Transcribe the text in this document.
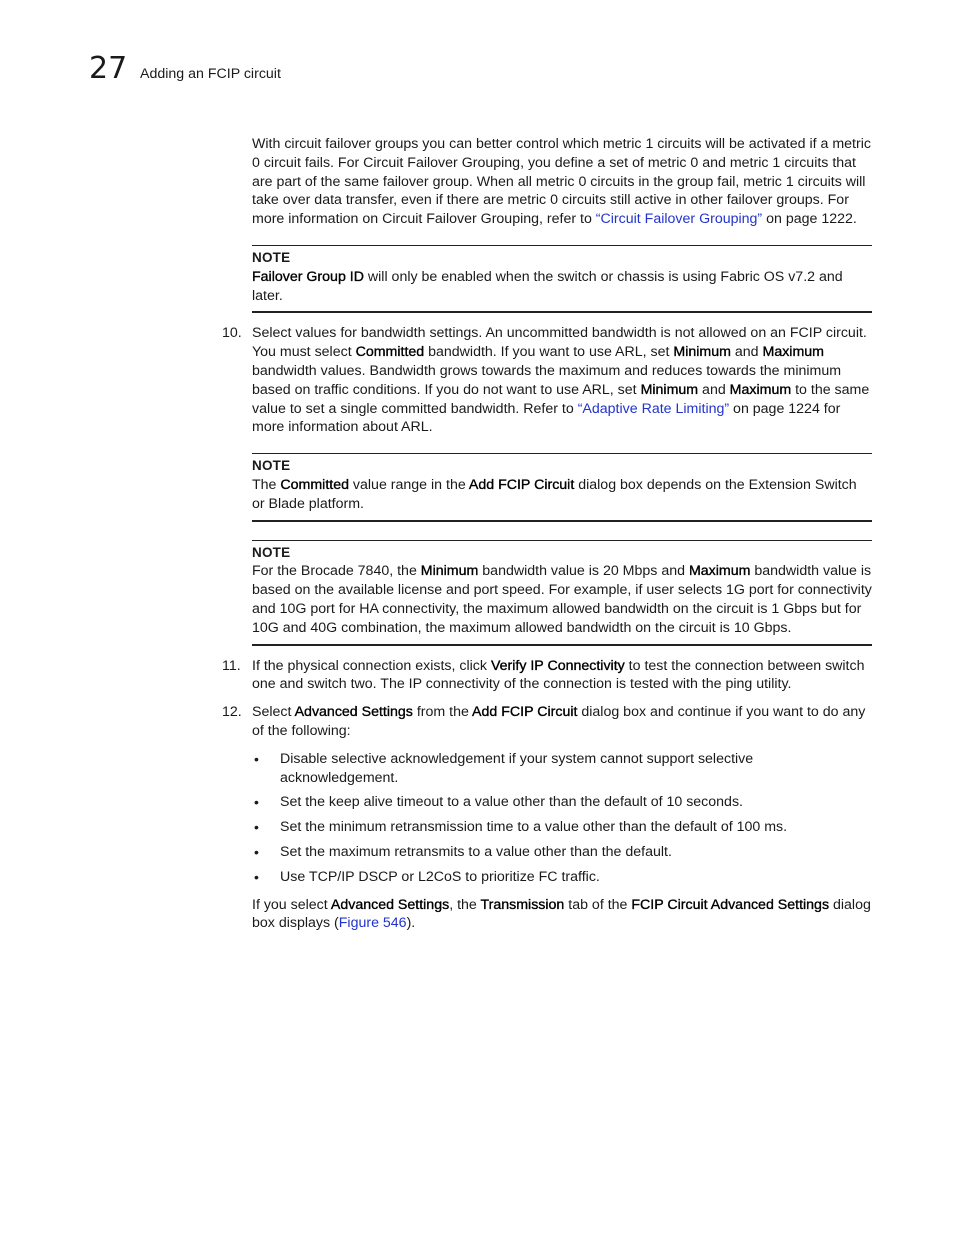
27 Adding an FCIP circuit

With circuit failover groups you can better control which metric 1 circuits will be activated if a metric 0 circuit fails. For Circuit Failover Grouping, you define a set of metric 0 and metric 1 circuits that are part of the same failover group. When all metric 0 circuits in the group fail, metric 1 circuits will take over data transfer, even if there are metric 0 circuits still active in other failover groups. For more information on Circuit Failover Grouping, refer to “Circuit Failover Grouping” on page 1222.

NOTE

Failover Group ID will only be enabled when the switch or chassis is using Fabric OS v7.2 and later.

10. Select values for bandwidth settings. An uncommitted bandwidth is not allowed on an FCIP circuit. You must select Committed bandwidth. If you want to use ARL, set Minimum and Maximum bandwidth values. Bandwidth grows towards the maximum and reduces towards the minimum based on traffic conditions. If you do not want to use ARL, set Minimum and Maximum to the same value to set a single committed bandwidth. Refer to “Adaptive Rate Limiting” on page 1224 for more information about ARL.

NOTE

The Committed value range in the Add FCIP Circuit dialog box depends on the Extension Switch or Blade platform.

NOTE

For the Brocade 7840, the Minimum bandwidth value is 20 Mbps and Maximum bandwidth value is based on the available license and port speed. For example, if user selects 1G port for connectivity and 10G port for HA connectivity, the maximum allowed bandwidth on the circuit is 1 Gbps but for 10G and 40G combination, the maximum allowed bandwidth on the circuit is 10 Gbps.

11. If the physical connection exists, click Verify IP Connectivity to test the connection between switch one and switch two. The IP connectivity of the connection is tested with the ping utility.

12. Select Advanced Settings from the Add FCIP Circuit dialog box and continue if you want to do any of the following:

• Disable selective acknowledgement if your system cannot support selective acknowledgement.
• Set the keep alive timeout to a value other than the default of 10 seconds.
• Set the minimum retransmission time to a value other than the default of 100 ms.
• Set the maximum retransmits to a value other than the default.
• Use TCP/IP DSCP or L2CoS to prioritize FC traffic.

If you select Advanced Settings, the Transmission tab of the FCIP Circuit Advanced Settings dialog box displays (Figure 546).
